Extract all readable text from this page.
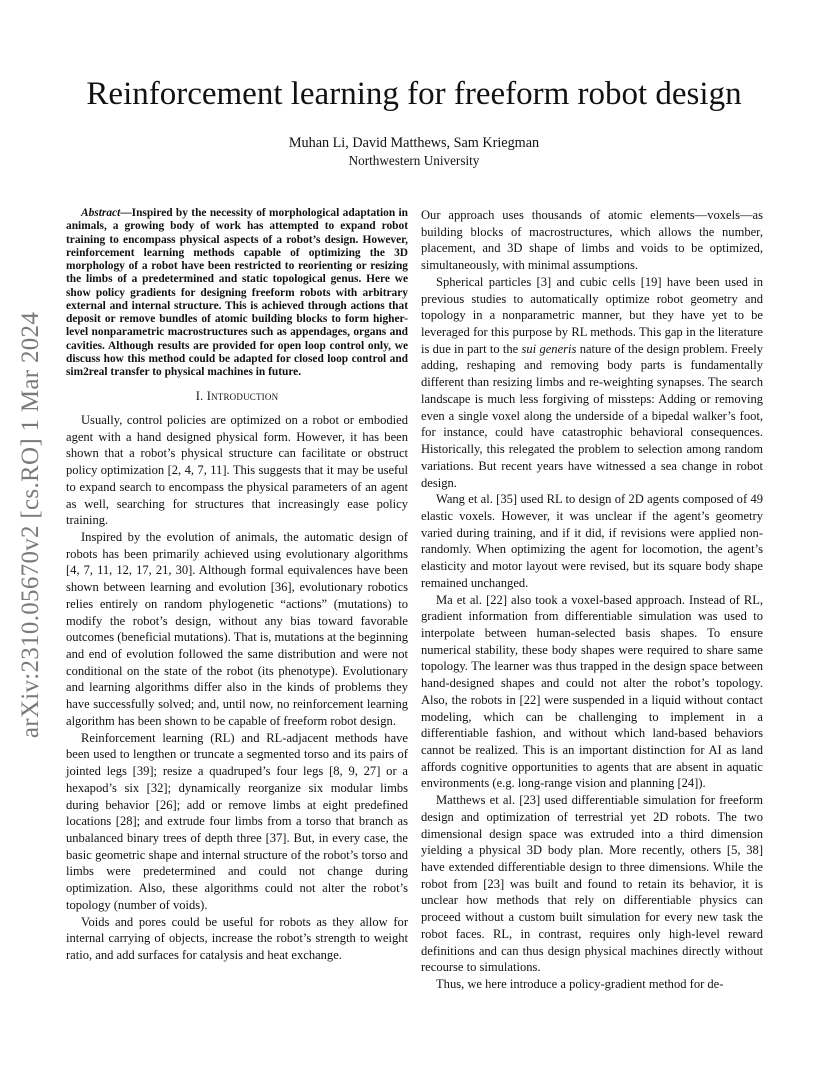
arXiv:2310.05670v2 [cs.RO] 1 Mar 2024
Reinforcement learning for freeform robot design
Muhan Li, David Matthews, Sam Kriegman
Northwestern University

Abstract—Inspired by the necessity of morphological adaptation in animals, a growing body of work has attempted to expand robot training to encompass physical aspects of a robot’s design. However, reinforcement learning methods capable of optimizing the 3D morphology of a robot have been restricted to reorienting or resizing the limbs of a predetermined and static topological genus. Here we show policy gradients for designing freeform robots with arbitrary external and internal structure. This is achieved through actions that deposit or remove bundles of atomic building blocks to form higher-level nonparametric macrostructures such as appendages, organs and cavities. Although results are provided for open loop control only, we discuss how this method could be adapted for closed loop control and sim2real transfer to physical machines in future.

I. Introduction

Usually, control policies are optimized on a robot or embodied agent with a hand designed physical form. However, it has been shown that a robot’s physical structure can facilitate or obstruct policy optimization [2, 4, 7, 11]. This suggests that it may be useful to expand search to encompass the physical parameters of an agent as well, searching for structures that increasingly ease policy training.

Inspired by the evolution of animals, the automatic design of robots has been primarily achieved using evolutionary algorithms [4, 7, 11, 12, 17, 21, 30]. Although formal equivalences have been shown between learning and evolution [36], evolutionary robotics relies entirely on random phylogenetic “actions” (mutations) to modify the robot’s design, without any bias toward favorable outcomes (beneficial mutations). That is, mutations at the beginning and end of evolution followed the same distribution and were not conditional on the state of the robot (its phenotype). Evolutionary and learning algorithms differ also in the kinds of problems they have successfully solved; and, until now, no reinforcement learning algorithm has been shown to be capable of freeform robot design.

Reinforcement learning (RL) and RL-adjacent methods have been used to lengthen or truncate a segmented torso and its pairs of jointed legs [39]; resize a quadruped’s four legs [8, 9, 27] or a hexapod’s six [32]; dynamically reorganize six modular limbs during behavior [26]; add or remove limbs at eight predefined locations [28]; and extrude four limbs from a torso that branch as unbalanced binary trees of depth three [37]. But, in every case, the basic geometric shape and internal structure of the robot’s torso and limbs were predetermined and could not change during optimization. Also, these algorithms could not alter the robot’s topology (number of voids).

Voids and pores could be useful for robots as they allow for internal carrying of objects, increase the robot’s strength to weight ratio, and add surfaces for catalysis and heat exchange.

Our approach uses thousands of atomic elements—voxels—as building blocks of macrostructures, which allows the number, placement, and 3D shape of limbs and voids to be optimized, simultaneously, with minimal assumptions.

Spherical particles [3] and cubic cells [19] have been used in previous studies to automatically optimize robot geometry and topology in a nonparametric manner, but they have yet to be leveraged for this purpose by RL methods. This gap in the literature is due in part to the sui generis nature of the design problem. Freely adding, reshaping and removing body parts is fundamentally different than resizing limbs and re-weighting synapses. The search landscape is much less forgiving of missteps: Adding or removing even a single voxel along the underside of a bipedal walker’s foot, for instance, could have catastrophic behavioral consequences. Historically, this relegated the problem to selection among random variations. But recent years have witnessed a sea change in robot design.

Wang et al. [35] used RL to design of 2D agents composed of 49 elastic voxels. However, it was unclear if the agent’s geometry varied during training, and if it did, if revisions were applied non-randomly. When optimizing the agent for locomotion, the agent’s elasticity and motor layout were revised, but its square body shape remained unchanged.

Ma et al. [22] also took a voxel-based approach. Instead of RL, gradient information from differentiable simulation was used to interpolate between human-selected basis shapes. To ensure numerical stability, these body shapes were required to share same topology. The learner was thus trapped in the design space between hand-designed shapes and could not alter the robot’s topology. Also, the robots in [22] were suspended in a liquid without contact modeling, which can be challenging to implement in a differentiable fashion, and without which land-based behaviors cannot be realized. This is an important distinction for AI as land affords cognitive opportunities to agents that are absent in aquatic environments (e.g. long-range vision and planning [24]).

Matthews et al. [23] used differentiable simulation for freeform design and optimization of terrestrial yet 2D robots. The two dimensional design space was extruded into a third dimension yielding a physical 3D body plan. More recently, others [5, 38] have extended differentiable design to three dimensions. While the robot from [23] was built and found to retain its behavior, it is unclear how methods that rely on differentiable physics can proceed without a custom built simulation for every new task the robot faces. RL, in contrast, requires only high-level reward definitions and can thus design physical machines directly without recourse to simulations.

Thus, we here introduce a policy-gradient method for de-
